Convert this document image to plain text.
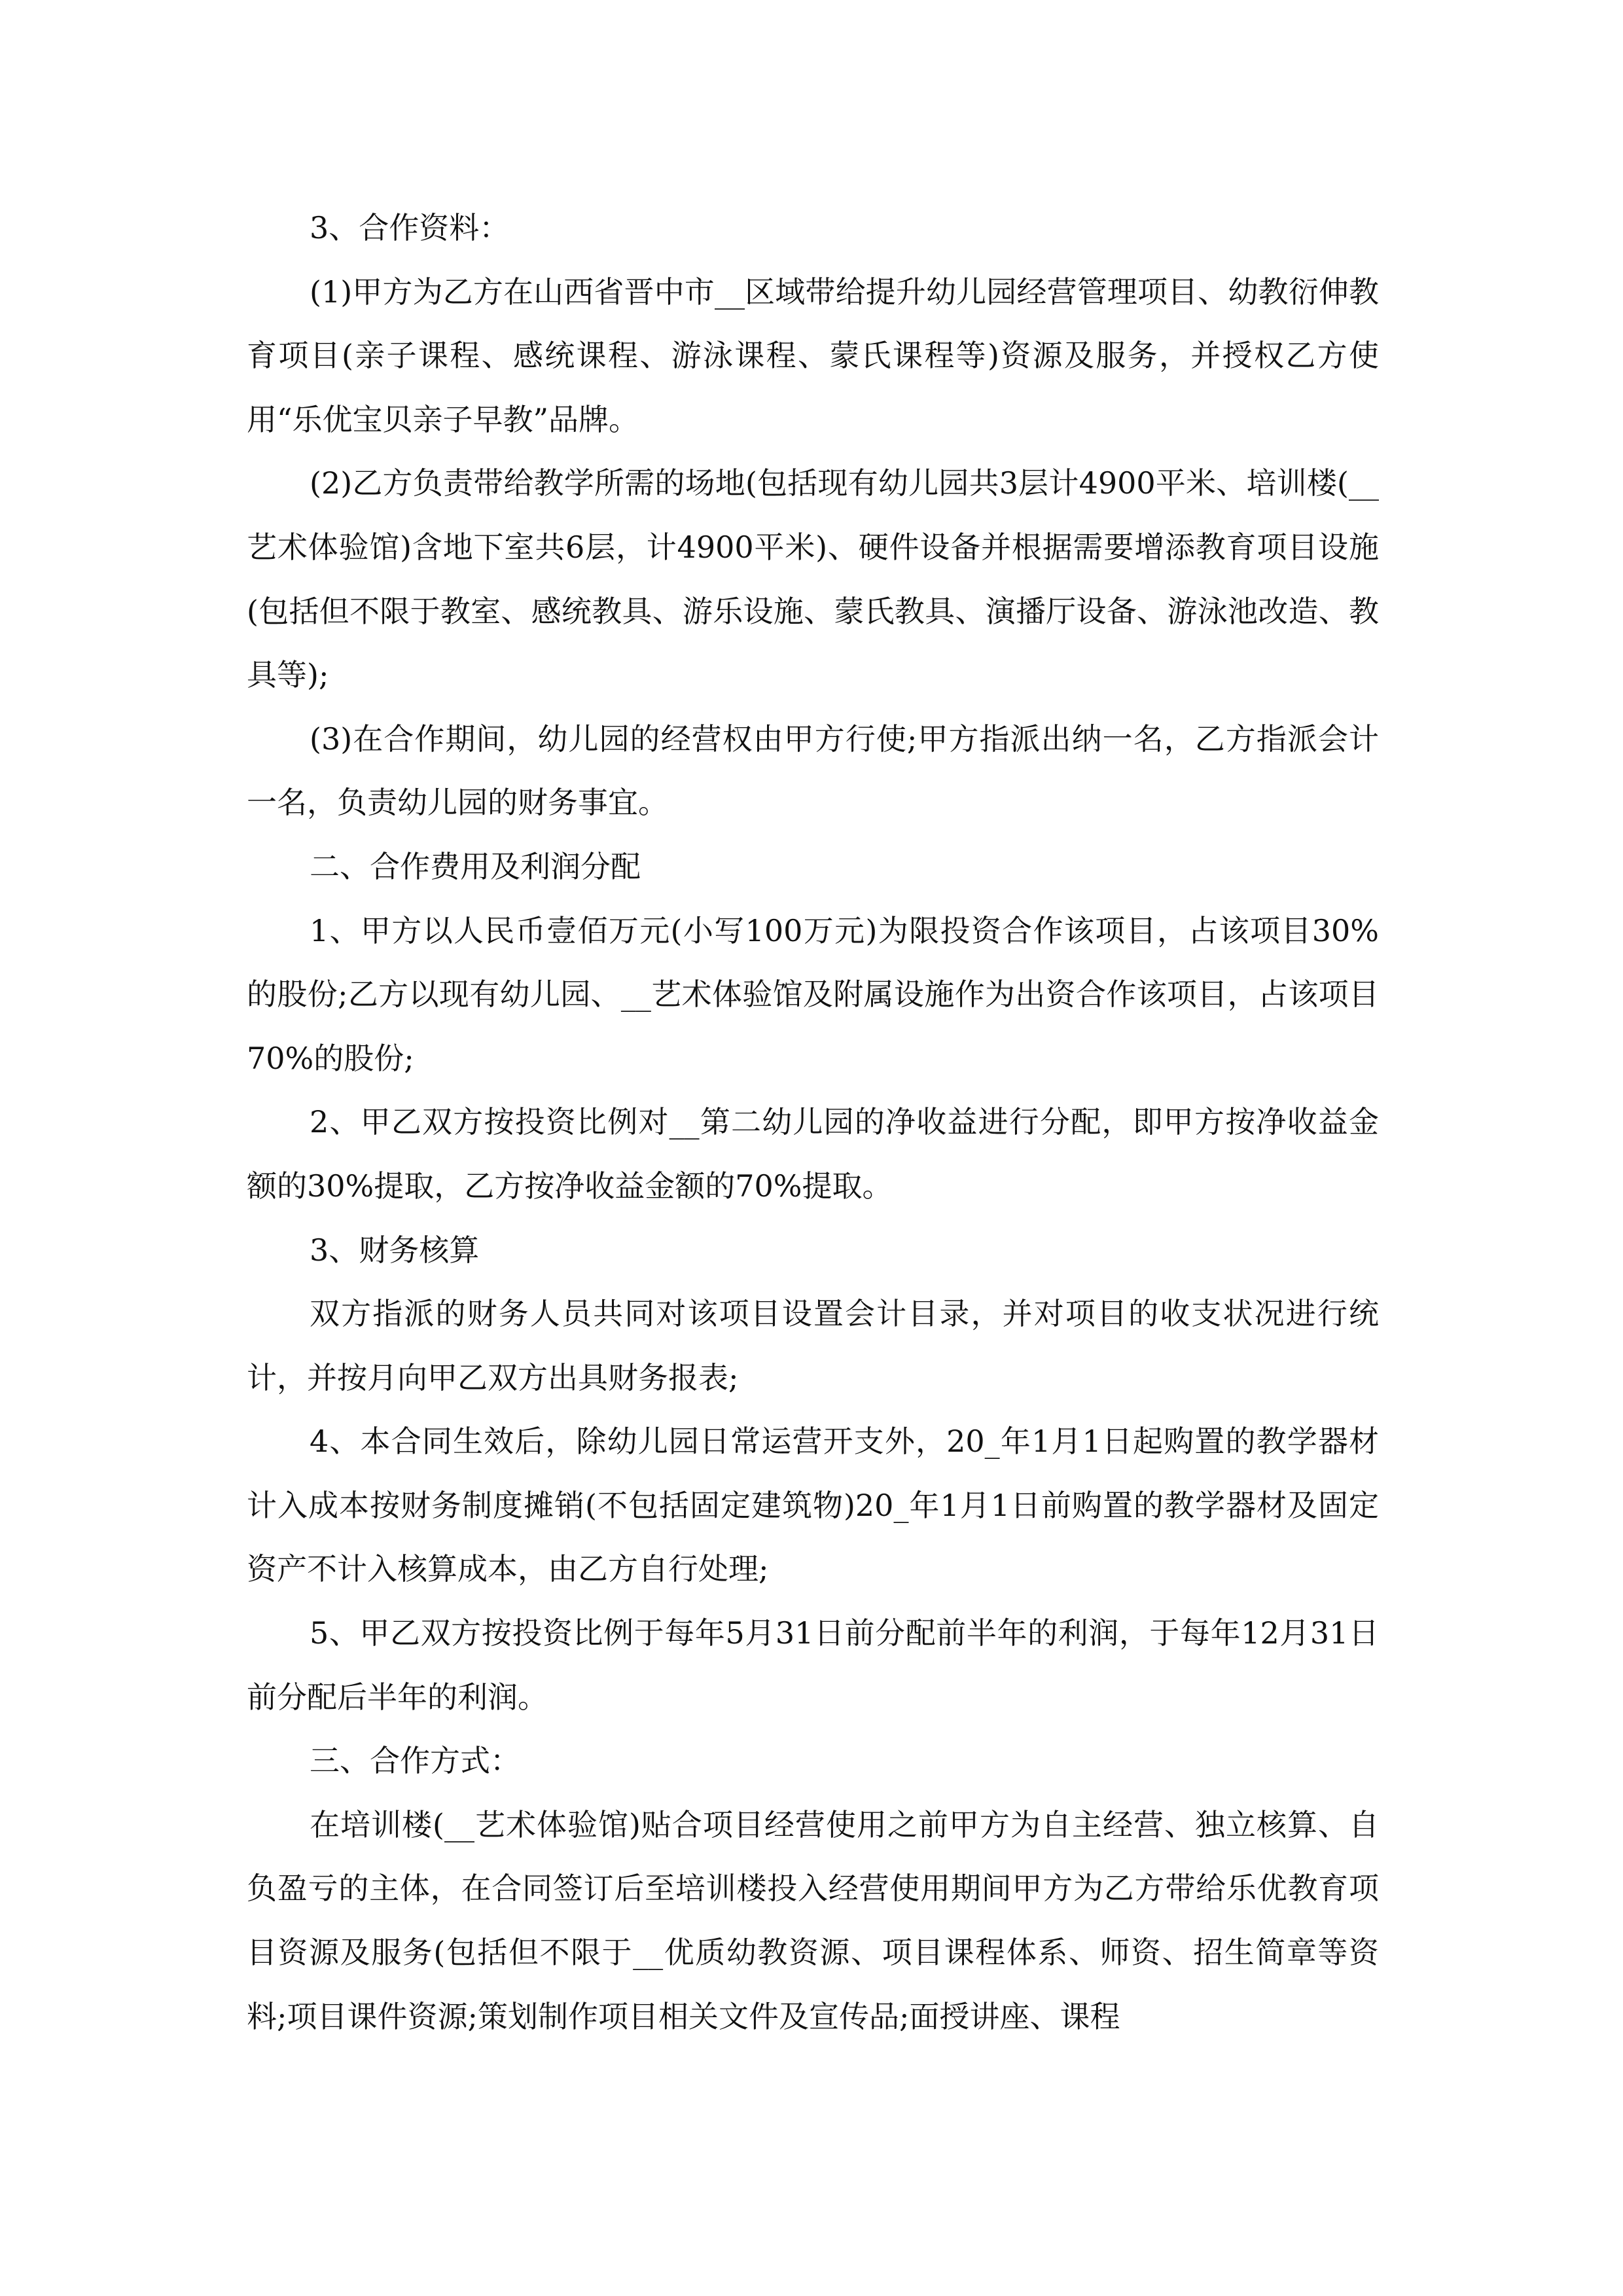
3、合作资料：

(1)甲方为乙方在山西省晋中市__区域带给提升幼儿园经营管理项目、幼教衍伸教育项目(亲子课程、感统课程、游泳课程、蒙氏课程等)资源及服务，并授权乙方使用“乐优宝贝亲子早教”品牌。

(2)乙方负责带给教学所需的场地(包括现有幼儿园共3层计4900平米、培训楼(__艺术体验馆)含地下室共6层，计4900平米)、硬件设备并根据需要增添教育项目设施(包括但不限于教室、感统教具、游乐设施、蒙氏教具、演播厅设备、游泳池改造、教具等);

(3)在合作期间，幼儿园的经营权由甲方行使;甲方指派出纳一名，乙方指派会计一名，负责幼儿园的财务事宜。

二、合作费用及利润分配

1、甲方以人民币壹佰万元(小写100万元)为限投资合作该项目，占该项目30%的股份;乙方以现有幼儿园、__艺术体验馆及附属设施作为出资合作该项目，占该项目70%的股份;

2、甲乙双方按投资比例对__第二幼儿园的净收益进行分配，即甲方按净收益金额的30%提取，乙方按净收益金额的70%提取。

3、财务核算

双方指派的财务人员共同对该项目设置会计目录，并对项目的收支状况进行统计，并按月向甲乙双方出具财务报表;

4、本合同生效后，除幼儿园日常运营开支外，20_年1月1日起购置的教学器材计入成本按财务制度摊销(不包括固定建筑物)20_年1月1日前购置的教学器材及固定资产不计入核算成本，由乙方自行处理;

5、甲乙双方按投资比例于每年5月31日前分配前半年的利润，于每年12月31日前分配后半年的利润。

三、合作方式：

在培训楼(__艺术体验馆)贴合项目经营使用之前甲方为自主经营、独立核算、自负盈亏的主体，在合同签订后至培训楼投入经营使用期间甲方为乙方带给乐优教育项目资源及服务(包括但不限于__优质幼教资源、项目课程体系、师资、招生简章等资料;项目课件资源;策划制作项目相关文件及宣传品;面授讲座、课程
